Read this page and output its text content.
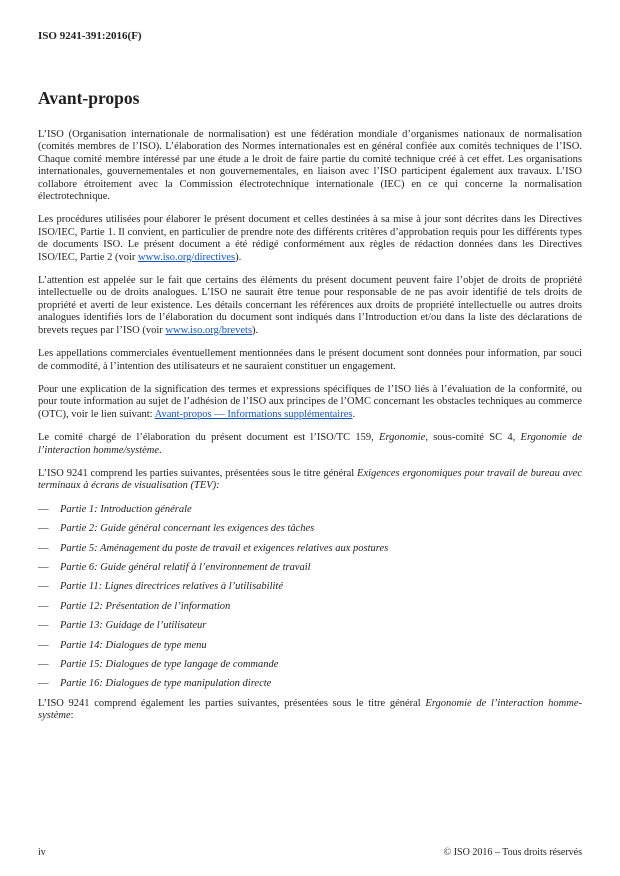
ISO 9241-391:2016(F)
Avant-propos

L’ISO (Organisation internationale de normalisation) est une fédération mondiale d’organismes nationaux de normalisation (comités membres de l’ISO). L’élaboration des Normes internationales est en général confiée aux comités techniques de l’ISO. Chaque comité membre intéressé par une étude a le droit de faire partie du comité technique créé à cet effet. Les organisations internationales, gouvernementales et non gouvernementales, en liaison avec l’ISO participent également aux travaux. L’ISO collabore étroitement avec la Commission électrotechnique internationale (IEC) en ce qui concerne la normalisation électrotechnique.

Les procédures utilisées pour élaborer le présent document et celles destinées à sa mise à jour sont décrites dans les Directives ISO/IEC, Partie 1. Il convient, en particulier de prendre note des différents critères d’approbation requis pour les différents types de documents ISO. Le présent document a été rédigé conformément aux règles de rédaction données dans les Directives ISO/IEC, Partie 2 (voir www.iso.org/directives).

L’attention est appelée sur le fait que certains des éléments du présent document peuvent faire l’objet de droits de propriété intellectuelle ou de droits analogues. L’ISO ne saurait être tenue pour responsable de ne pas avoir identifié de tels droits de propriété et averti de leur existence. Les détails concernant les références aux droits de propriété intellectuelle ou autres droits analogues identifiés lors de l’élaboration du document sont indiqués dans l’Introduction et/ou dans la liste des déclarations de brevets reçues par l’ISO (voir www.iso.org/brevets).

Les appellations commerciales éventuellement mentionnées dans le présent document sont données pour information, par souci de commodité, à l’intention des utilisateurs et ne sauraient constituer un engagement.

Pour une explication de la signification des termes et expressions spécifiques de l’ISO liés à l’évaluation de la conformité, ou pour toute information au sujet de l’adhésion de l’ISO aux principes de l’OMC concernant les obstacles techniques au commerce (OTC), voir le lien suivant: Avant-propos — Informations supplémentaires.

Le comité chargé de l’élaboration du présent document est l’ISO/TC 159, Ergonomie, sous-comité SC 4, Ergonomie de l’interaction homme/système.

L’ISO 9241 comprend les parties suivantes, présentées sous le titre général Exigences ergonomiques pour travail de bureau avec terminaux à écrans de visualisation (TEV):

—	Partie 1: Introduction générale
—	Partie 2: Guide général concernant les exigences des tâches
—	Partie 5: Aménagement du poste de travail et exigences relatives aux postures
—	Partie 6: Guide général relatif à l’environnement de travail
—	Partie 11: Lignes directrices relatives à l’utilisabilité
—	Partie 12: Présentation de l’information
—	Partie 13: Guidage de l’utilisateur
—	Partie 14: Dialogues de type menu
—	Partie 15: Dialogues de type langage de commande
—	Partie 16: Dialogues de type manipulation directe

L’ISO 9241 comprend également les parties suivantes, présentées sous le titre général Ergonomie de l’interaction homme-système:

iv	© ISO 2016 – Tous droits réservés
